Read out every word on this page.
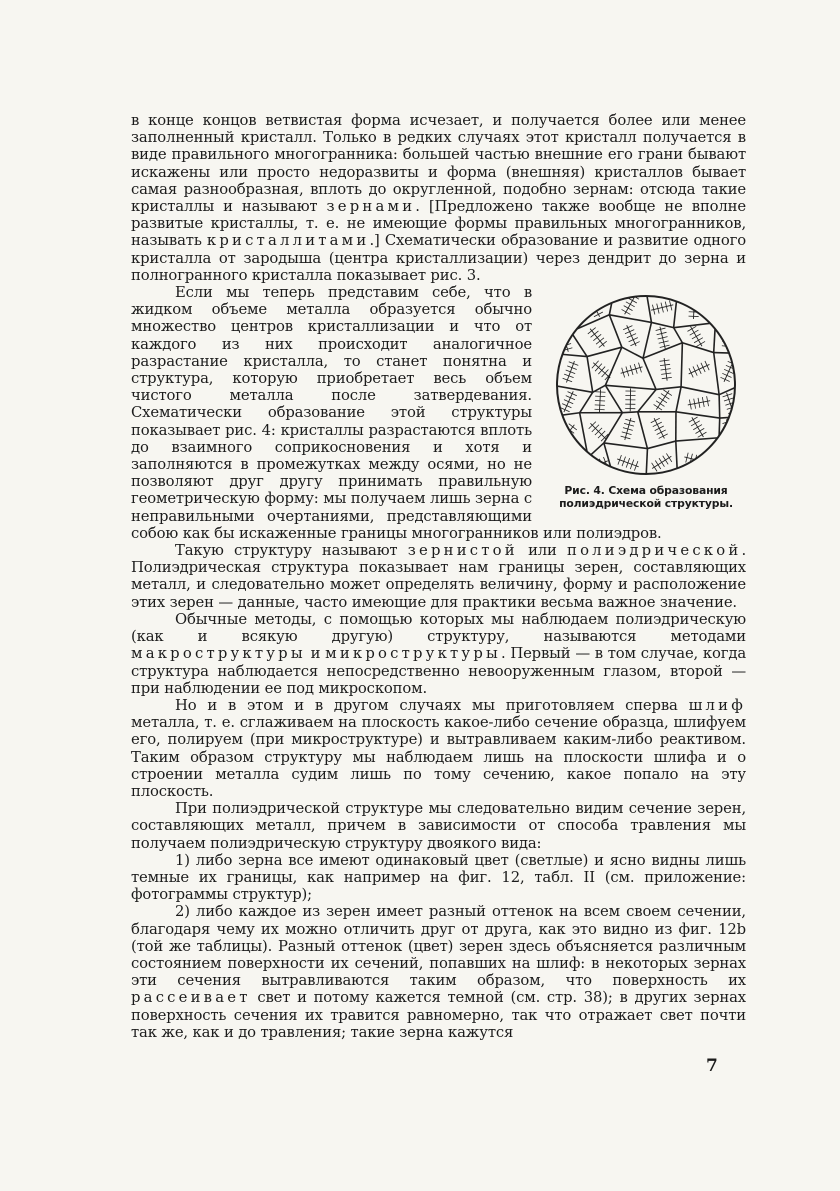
в конце концов ветвистая форма исчезает, и получается более или менее заполненный кристалл. Только в редких случаях этот кристалл получается в виде правильного многогранника: большей частью внешние его грани бывают искажены или просто недоразвиты и форма (внешняя) кристаллов бывает самая разнообразная, вплоть до округленной, подобно зернам: отсюда такие кристаллы и называют зернами. [Предложено также вообще не вполне развитые кристаллы, т. е. не имеющие формы правильных многогранников, называть кристаллитами.] Схематически образование и развитие одного кристалла от зародыша (центра кристаллизации) через дендрит до зерна и полногранного кристалла показывает рис. 3.

Рис. 4. Схема образования
полиэдрической структуры.

Если мы теперь представим себе, что в жидком объеме металла образуется обычно множество центров кристаллизации и что от каждого из них происходит аналогичное разрастание кристалла, то станет понятна и структура, которую приобретает весь объем чистого металла после затвердевания. Схематически образование этой структуры показывает рис. 4: кристаллы разрастаются вплоть до взаимного соприкосновения и хотя и заполняются в промежутках между осями, но не позволяют друг другу принимать правильную геометрическую форму: мы получаем лишь зерна с неправильными очертаниями, представляющими собою как бы искаженные границы многогранников или полиэдров.

Такую структуру называют зернистой или полиэдрической. Полиэдрическая структура показывает нам границы зерен, составляющих металл, и следовательно может определять величину, форму и расположение этих зерен — данные, часто имеющие для практики весьма важное значение.

Обычные методы, с помощью которых мы наблюдаем полиэдрическую (как и всякую другую) структуру, называются методами макроструктуры и микроструктуры. Первый — в том случае, когда структура наблюдается непосредственно невооруженным глазом, второй — при наблюдении ее под микроскопом.

Но и в этом и в другом случаях мы приготовляем сперва шлиф металла, т. е. сглаживаем на плоскость какое-либо сечение образца, шлифуем его, полируем (при микроструктуре) и вытравливаем каким-либо реактивом. Таким образом структуру мы наблюдаем лишь на плоскости шлифа и о строении металла судим лишь по тому сечению, какое попало на эту плоскость.

При полиэдрической структуре мы следовательно видим сечение зерен, составляющих металл, причем в зависимости от способа травления мы получаем полиэдрическую структуру двоякого вида:

1) либо зерна все имеют одинаковый цвет (светлые) и ясно видны лишь темные их границы, как например на фиг. 12, табл. II (см. приложение: фотограммы структур);

2) либо каждое из зерен имеет разный оттенок на всем своем сечении, благодаря чему их можно отличить друг от друга, как это видно из фиг. 12b (той же таблицы). Разный оттенок (цвет) зерен здесь объясняется различным состоянием поверхности их сечений, попавших на шлиф: в некоторых зернах эти сечения вытравливаются таким образом, что поверхность их рассеивает свет и потому кажется темной (см. стр. 38); в других зернах поверхность сечения их травится равномерно, так что отражает свет почти так же, как и до травления; такие зерна кажутся

7
